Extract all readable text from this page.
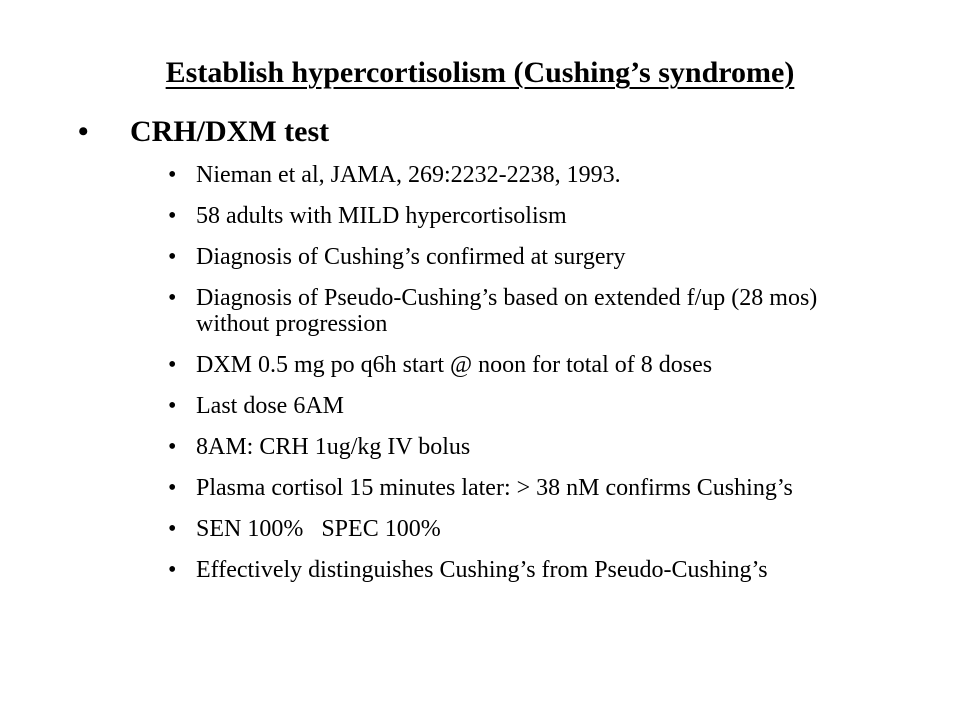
Establish hypercortisolism (Cushing’s syndrome)
•	CRH/DXM test
• Nieman et al, JAMA, 269:2232-2238, 1993.
• 58 adults with MILD hypercortisolism
• Diagnosis of Cushing’s confirmed at surgery
• Diagnosis of Pseudo-Cushing’s based on extended f/up (28 mos) without progression
• DXM 0.5 mg po q6h start @ noon for total of 8 doses
• Last dose 6AM
• 8AM: CRH 1ug/kg IV bolus
• Plasma cortisol 15 minutes later: > 38 nM confirms Cushing’s
• SEN 100%   SPEC 100%
• Effectively distinguishes Cushing’s from Pseudo-Cushing’s
